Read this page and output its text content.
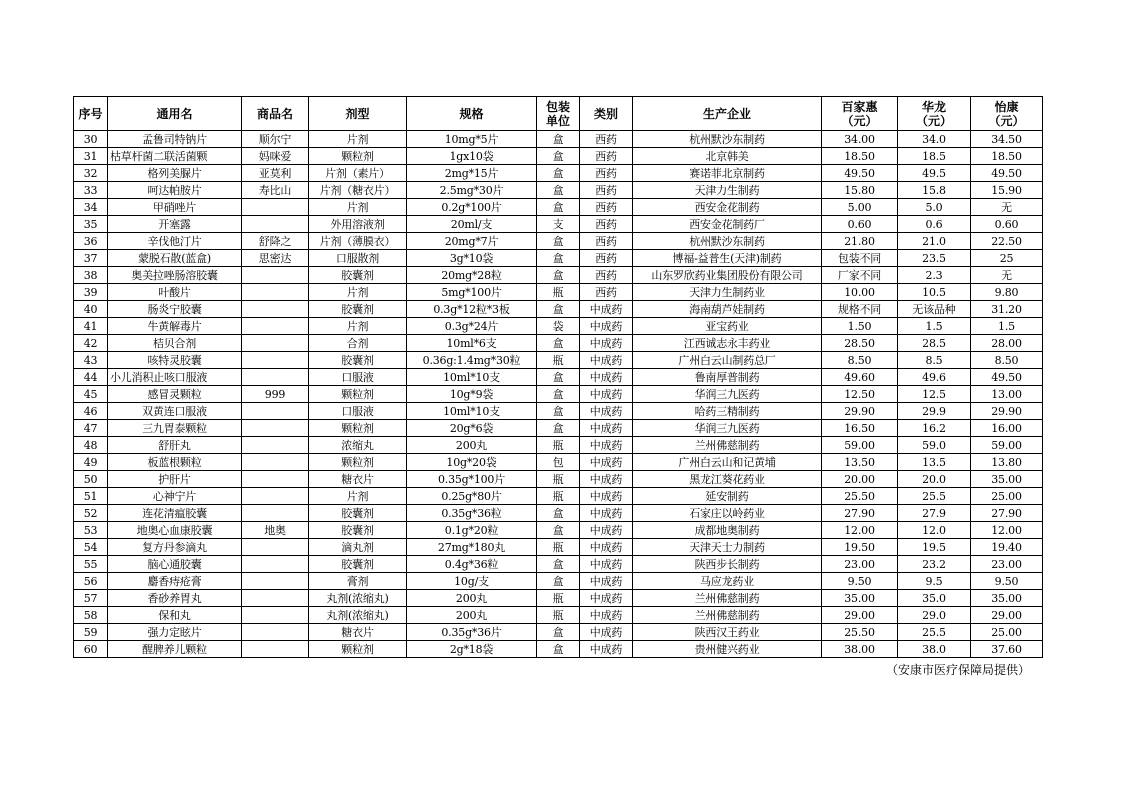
序号	通用名	商品名	剂型	规格	包装单位	类别	生产企业	百家惠（元）	华龙（元）	怡康（元）
30	孟鲁司特钠片	顺尔宁	片剂	10mg*5片	盒	西药	杭州默沙东制药	34.00	34.0	34.50
31	枯草杆菌二联活菌颗	妈咪爱	颗粒剂	1gx10袋	盒	西药	北京韩美	18.50	18.5	18.50
32	格列美脲片	亚莫利	片剂（素片）	2mg*15片	盒	西药	赛诺菲北京制药	49.50	49.5	49.50
33	呵达帕胺片	寿比山	片剂（糖衣片）	2.5mg*30片	盒	西药	天津力生制药	15.80	15.8	15.90
34	甲硝唑片		片剂	0.2g*100片	盒	西药	西安金花制药	5.00	5.0	无
35	开塞露		外用溶液剂	20ml/支	支	西药	西安金花制药厂	0.60	0.6	0.60
36	辛伐他汀片	舒降之	片剂（薄膜衣）	20mg*7片	盒	西药	杭州默沙东制药	21.80	21.0	22.50
37	蒙脱石散(蓝盒)	思密达	口服散剂	3g*10袋	盒	西药	博福-益普生(天津)制药	包装不同	23.5	25
38	奥美拉唑肠溶胶囊		胶囊剂	20mg*28粒	盒	西药	山东罗欣药业集团股份有限公司	厂家不同	2.3	无
39	叶酸片		片剂	5mg*100片	瓶	西药	天津力生制药业	10.00	10.5	9.80
40	肠炎宁胶囊		胶囊剂	0.3g*12粒*3板	盒	中成药	海南葫芦娃制药	规格不同	无该品种	31.20
41	牛黄解毒片		片剂	0.3g*24片	袋	中成药	亚宝药业	1.50	1.5	1.5
42	桔贝合剂		合剂	10ml*6支	盒	中成药	江西诚志永丰药业	28.50	28.5	28.00
43	咳特灵胶囊		胶囊剂	0.36g:1.4mg*30粒	瓶	中成药	广州白云山制药总厂	8.50	8.5	8.50
44	小儿消积止咳口服液		口服液	10ml*10支	盒	中成药	鲁南厚普制药	49.60	49.6	49.50
45	感冒灵颗粒	999	颗粒剂	10g*9袋	盒	中成药	华润三九医药	12.50	12.5	13.00
46	双黄连口服液		口服液	10ml*10支	盒	中成药	哈药三精制药	29.90	29.9	29.90
47	三九胃泰颗粒		颗粒剂	20g*6袋	盒	中成药	华润三九医药	16.50	16.2	16.00
48	舒肝丸		浓缩丸	200丸	瓶	中成药	兰州佛慈制药	59.00	59.0	59.00
49	板蓝根颗粒		颗粒剂	10g*20袋	包	中成药	广州白云山和记黄埔	13.50	13.5	13.80
50	护肝片		糖衣片	0.35g*100片	瓶	中成药	黑龙江葵花药业	20.00	20.0	35.00
51	心神宁片		片剂	0.25g*80片	瓶	中成药	延安制药	25.50	25.5	25.00
52	连花清瘟胶囊		胶囊剂	0.35g*36粒	盒	中成药	石家庄以岭药业	27.90	27.9	27.90
53	地奥心血康胶囊	地奥	胶囊剂	0.1g*20粒	盒	中成药	成都地奥制药	12.00	12.0	12.00
54	复方丹参滴丸		滴丸剂	27mg*180丸	瓶	中成药	天津天士力制药	19.50	19.5	19.40
55	脑心通胶囊		胶囊剂	0.4g*36粒	盒	中成药	陕西步长制药	23.00	23.2	23.00
56	麝香痔疮膏		膏剂	10g/支	盒	中成药	马应龙药业	9.50	9.5	9.50
57	香砂养胃丸		丸剂(浓缩丸)	200丸	瓶	中成药	兰州佛慈制药	35.00	35.0	35.00
58	保和丸		丸剂(浓缩丸)	200丸	瓶	中成药	兰州佛慈制药	29.00	29.0	29.00
59	强力定眩片		糖衣片	0.35g*36片	盒	中成药	陕西汉王药业	25.50	25.5	25.00
60	醒脾养儿颗粒		颗粒剂	2g*18袋	盒	中成药	贵州健兴药业	38.00	38.0	37.60
（安康市医疗保障局提供）
